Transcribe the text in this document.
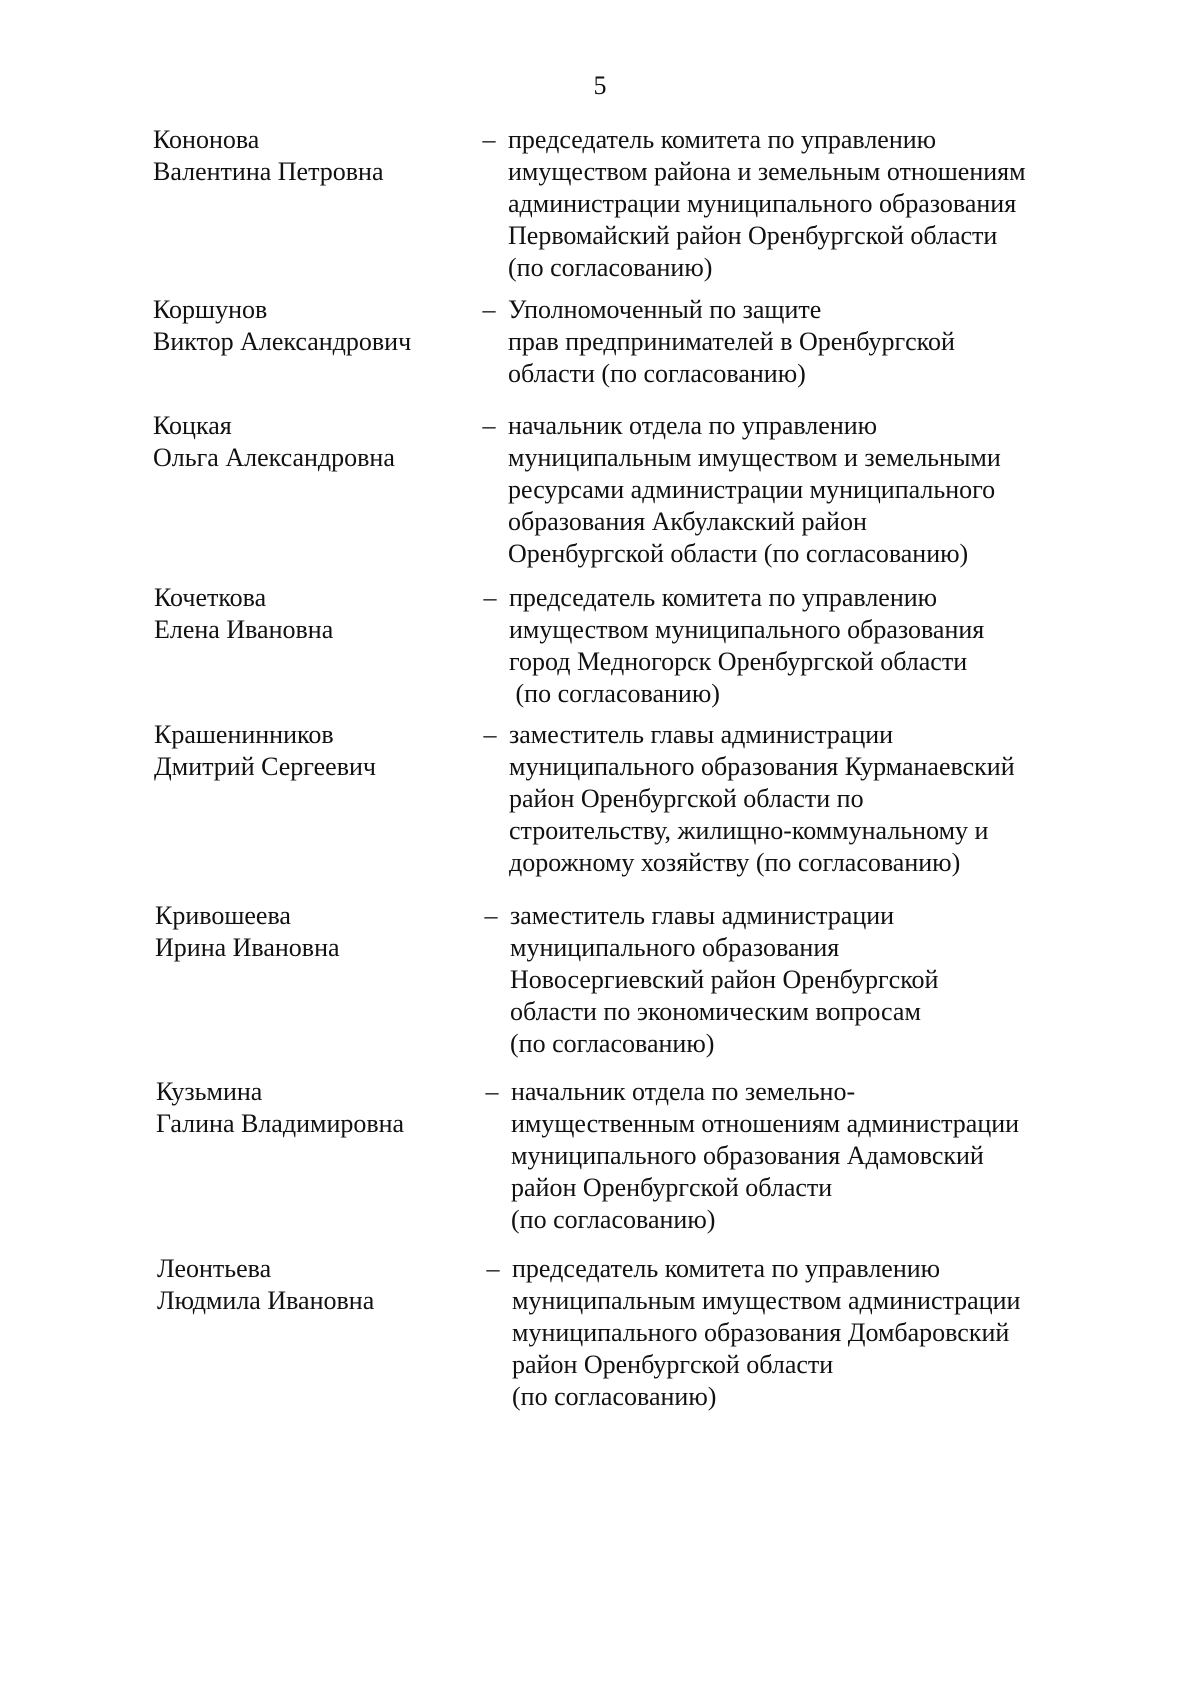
5
Кононова
Валентина Петровна
– председатель комитета по управлению
имуществом района и земельным отношениям
администрации муниципального образования
Первомайский район Оренбургской области
(по согласованию)
Коршунов
Виктор Александрович
– Уполномоченный по защите
прав предпринимателей в Оренбургской
области (по согласованию)
Коцкая
Ольга Александровна
– начальник отдела по управлению
муниципальным имуществом и земельными
ресурсами администрации муниципального
образования Акбулакский район
Оренбургской области (по согласованию)
Кочеткова
Елена Ивановна
– председатель комитета по управлению
имуществом муниципального образования
город Медногорск Оренбургской области
(по согласованию)
Крашенинников
Дмитрий Сергеевич
– заместитель главы администрации
муниципального образования Курманаевский
район Оренбургской области по
строительству, жилищно-коммунальному и
дорожному хозяйству (по согласованию)
Кривошеева
Ирина Ивановна
– заместитель главы администрации
муниципального образования
Новосергиевский район Оренбургской
области по экономическим вопросам
(по согласованию)
Кузьмина
Галина Владимировна
– начальник отдела по земельно-
имущественным отношениям администрации
муниципального образования Адамовский
район Оренбургской области
(по согласованию)
Леонтьева
Людмила Ивановна
– председатель комитета по управлению
муниципальным имуществом администрации
муниципального образования Домбаровский
район Оренбургской области
(по согласованию)
